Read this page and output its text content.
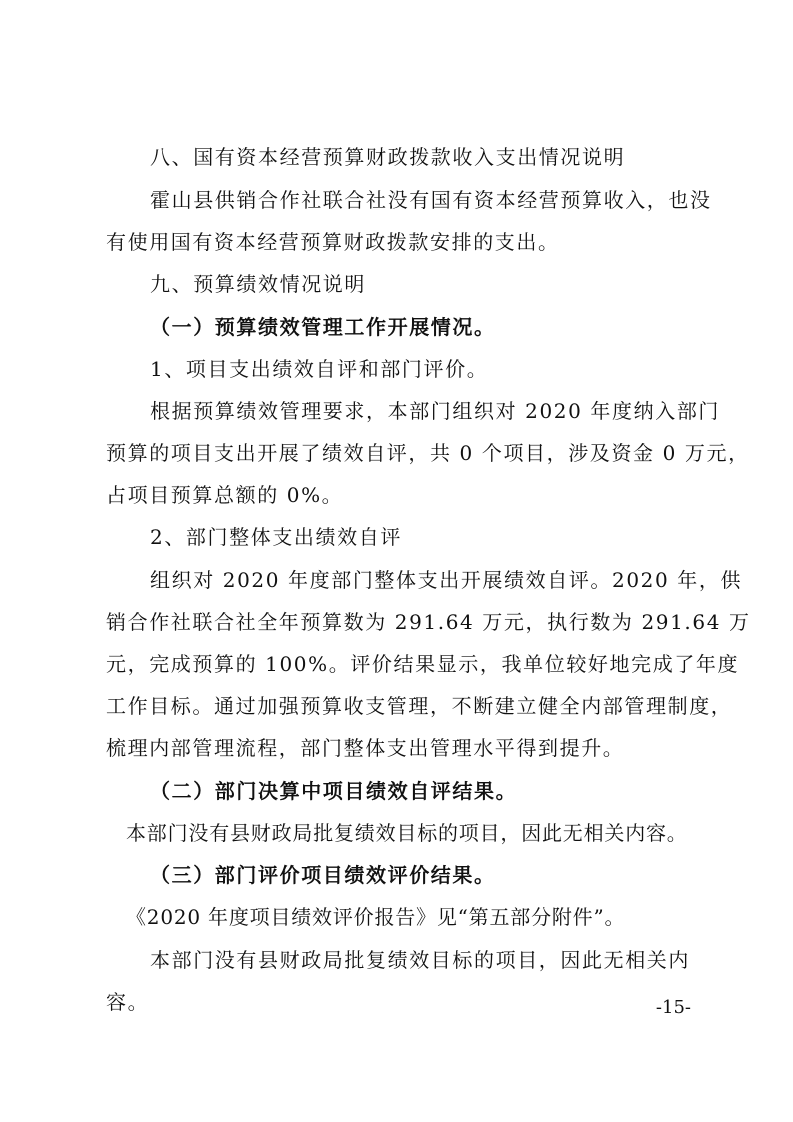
八、国有资本经营预算财政拨款收入支出情况说明
霍山县供销合作社联合社没有国有资本经营预算收入，也没
有使用国有资本经营预算财政拨款安排的支出。
九、预算绩效情况说明
（一）预算绩效管理工作开展情况。
1、项目支出绩效自评和部门评价。
根据预算绩效管理要求，本部门组织对 2020 年度纳入部门
预算的项目支出开展了绩效自评，共 0 个项目，涉及资金 0 万元，
占项目预算总额的 0%。
2、部门整体支出绩效自评
组织对 2020 年度部门整体支出开展绩效自评。2020 年，供
销合作社联合社全年预算数为 291.64 万元，执行数为 291.64 万
元，完成预算的 100%。评价结果显示，我单位较好地完成了年度
工作目标。通过加强预算收支管理，不断建立健全内部管理制度，
梳理内部管理流程，部门整体支出管理水平得到提升。
（二）部门决算中项目绩效自评结果。
本部门没有县财政局批复绩效目标的项目，因此无相关内容。
（三）部门评价项目绩效评价结果。
《2020 年度项目绩效评价报告》见“第五部分附件”。
本部门没有县财政局批复绩效目标的项目，因此无相关内
容。	-15-
